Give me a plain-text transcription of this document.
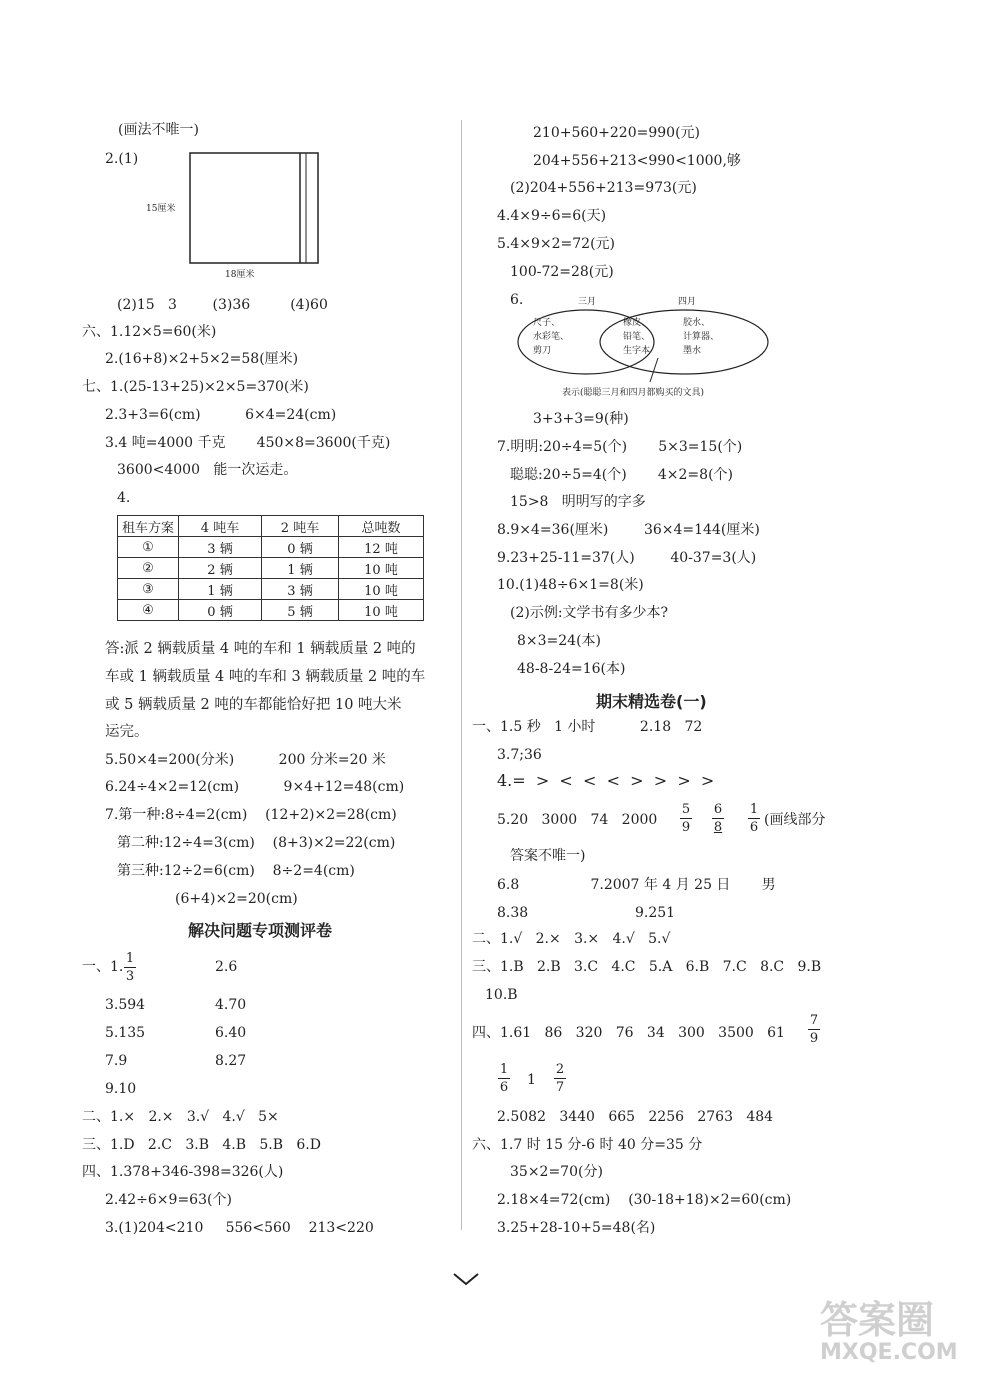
(画法不唯一)
2.(1)
15厘米
18厘米
(2)15   3        (3)36         (4)60
六、1.12×5=60(米)
2.(16+8)×2+5×2=58(厘米)
七、1.(25-13+25)×2×5=370(米)
2.3+3=6(cm)          6×4=24(cm)
3.4 吨=4000 千克       450×8=3600(千克)
3600<4000   能一次运走。
4.
租车方案	4 吨车	2 吨车	总吨数
①	3 辆	0 辆	12 吨
②	2 辆	1 辆	10 吨
③	1 辆	3 辆	10 吨
④	0 辆	5 辆	10 吨
答:派 2 辆载质量 4 吨的车和 1 辆载质量 2 吨的
车或 1 辆载质量 4 吨的车和 3 辆载质量 2 吨的车
或 5 辆载质量 2 吨的车都能恰好把 10 吨大米
运完。
5.50×4=200(分米)          200 分米=20 米
6.24÷4×2=12(cm)          9×4+12=48(cm)
7.第一种:8÷4=2(cm)    (12+2)×2=28(cm)
第二种:12÷4=3(cm)    (8+3)×2=22(cm)
第三种:12÷2=6(cm)    8÷2=4(cm)
(6+4)×2=20(cm)
解决问题专项测评卷
一、1.
1
3
2.6
3.594	4.70
5.135	6.40
7.9	8.27
9.10
二、1.×   2.×   3.√   4.√   5×
三、1.D   2.C   3.B   4.B   5.B   6.D
四、1.378+346-398=326(人)
2.42÷6×9=63(个)
3.(1)204<210     556<560    213<220
210+560+220=990(元)
204+556+213<990<1000,够
(2)204+556+213=973(元)
4.4×9÷6=6(天)
5.4×9×2=72(元)
100-72=28(元)
6.	三月	四月
尺子、
水彩笔、
剪刀
橡皮、
铅笔、
生字本
胶水、
计算器、
墨水
表示(聪聪三月和四月都购买的文具)
3+3+3=9(种)
7.明明:20÷4=5(个)       5×3=15(个)
聪聪:20÷5=4(个)       4×2=8(个)
15>8   明明写的字多
8.9×4=36(厘米)        36×4=144(厘米)
9.23+25-11=37(人)        40-37=3(人)
10.(1)48÷6×1=8(米)
(2)示例:文学书有多少本?
8×3=24(本)
48-8-24=16(本)
期末精选卷(一)
一、1.5 秒   1 小时          2.18   72
3.7;36
4.=  >  <  <  <  >  >  >  >
5.20   3000   74   2000
5
9
6
8
1
6 (画线部分
答案不唯一)
6.8                7.2007 年 4 月 25 日       男
8.38                        9.251
二、1.√   2.×   3.×   4.√   5.√
三、1.B   2.B   3.C   4.C   5.A   6.B   7.C   8.C   9.B
10.B
四、1.61   86   320   76   34   300   3500   61
7
9
1
6 1
2
7
2.5082   3440   665   2256   2763   484
六、1.7 时 15 分-6 时 40 分=35 分
35×2=70(分)
2.18×4=72(cm)    (30-18+18)×2=60(cm)
3.25+28-10+5=48(名)
答案圈
MXQE.COM
